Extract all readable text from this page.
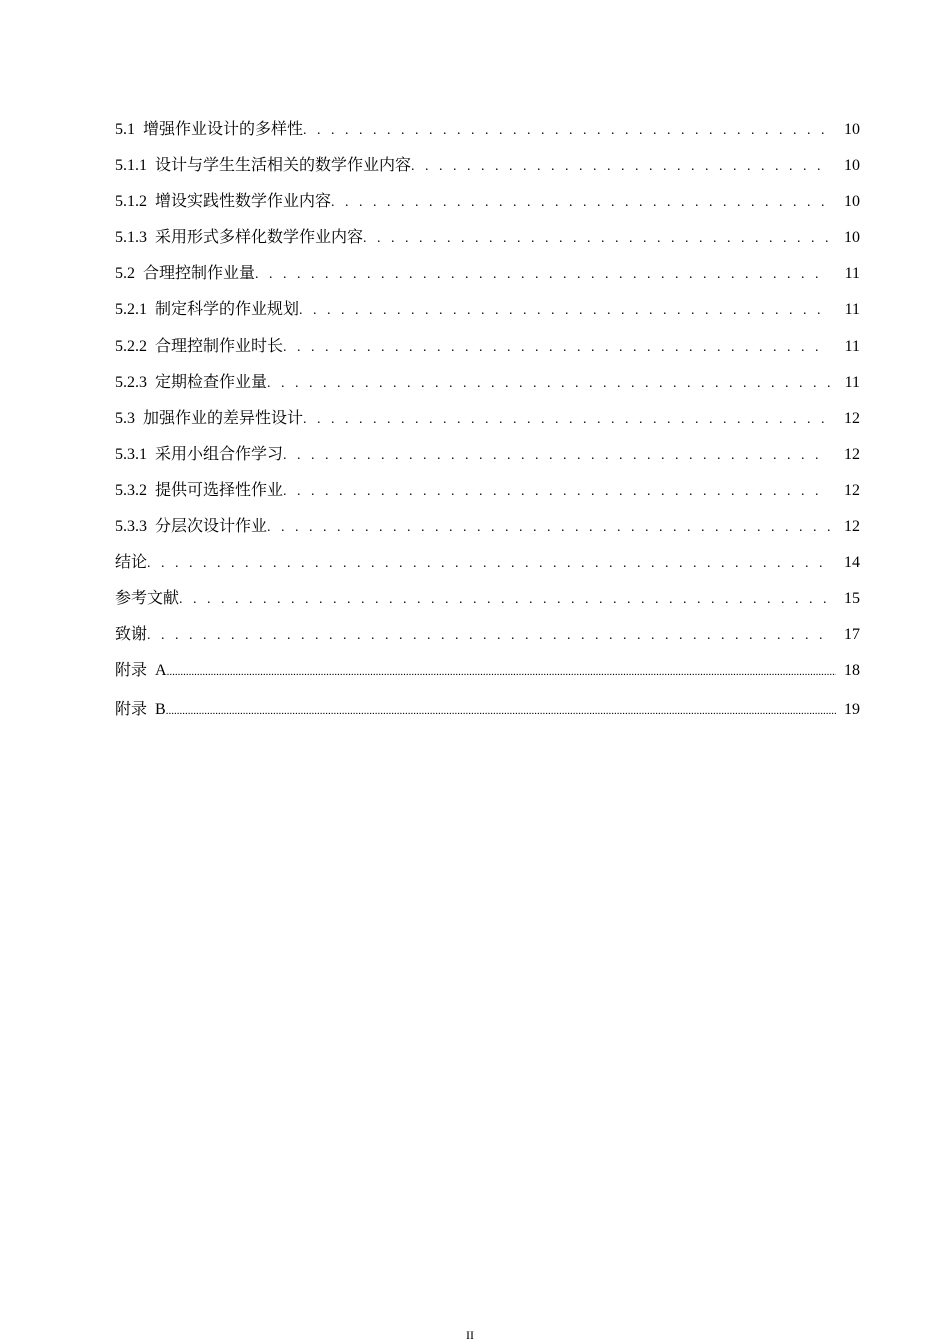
5.1 增强作业设计的多样性 . . .	10
5.1.1 设计与学生生活相关的数学作业内容 . . .	10
5.1.2 增设实践性数学作业内容 . . .	10
5.1.3 采用形式多样化数学作业内容 . . .	10
5.2 合理控制作业量 . . .	11
5.2.1 制定科学的作业规划 . . .	11
5.2.2 合理控制作业时长 . . .	11
5.2.3 定期检查作业量 . . .	11
5.3 加强作业的差异性设计 . . .	12
5.3.1 采用小组合作学习 . . .	12
5.3.2 提供可选择性作业 . . .	12
5.3.3 分层次设计作业 . . .	12
结论 . . .	14
参考文献 . . .	15
致谢 . . .	17
附录 A .....	18
附录 B .....	19
II
